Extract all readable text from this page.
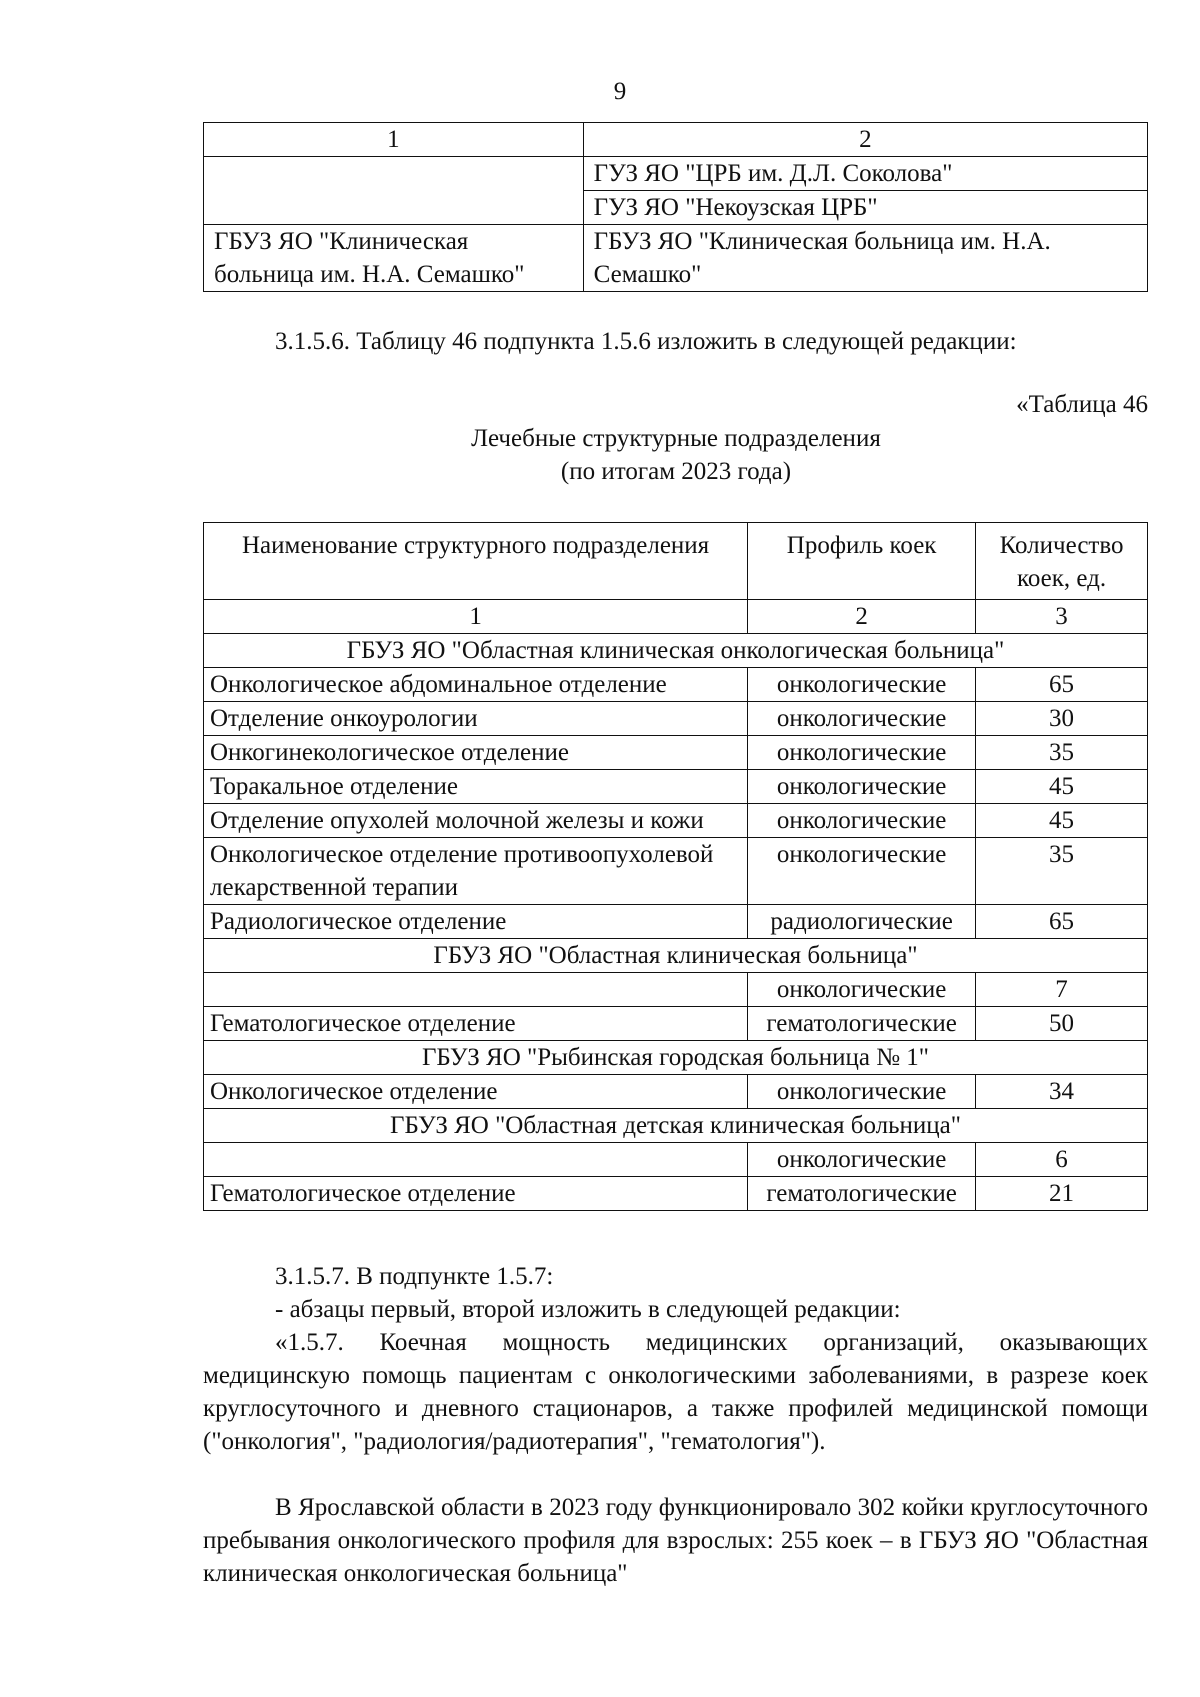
9
1	2
	ГУЗ ЯО "ЦРБ им. Д.Л. Соколова"
	ГУЗ ЯО "Некоузская ЦРБ"
ГБУЗ ЯО "Клиническая больница им. Н.А. Семашко"	ГБУЗ ЯО "Клиническая больница им. Н.А. Семашко"
3.1.5.6. Таблицу 46 подпункта 1.5.6 изложить в следующей редакции:
«Таблица 46
Лечебные структурные подразделения
(по итогам 2023 года)
Наименование структурного подразделения	Профиль коек	Количество коек, ед.
1	2	3
ГБУЗ ЯО "Областная клиническая онкологическая больница"		
Онкологическое абдоминальное отделение	онкологические	65
Отделение онкоурологии	онкологические	30
Онкогинекологическое отделение	онкологические	35
Торакальное отделение	онкологические	45
Отделение опухолей молочной железы и кожи	онкологические	45
Онкологическое отделение противоопухолевой лекарственной терапии	онкологические	35
Радиологическое отделение	радиологические	65
ГБУЗ ЯО "Областная клиническая больница"		
	онкологические	7
Гематологическое отделение	гематологические	50
ГБУЗ ЯО "Рыбинская городская больница № 1"		
Онкологическое отделение	онкологические	34
ГБУЗ ЯО "Областная детская клиническая больница"		
	онкологические	6
Гематологическое отделение	гематологические	21
3.1.5.7. В подпункте 1.5.7:
- абзацы первый, второй изложить в следующей редакции:
«1.5.7. Коечная мощность медицинских организаций, оказывающих медицинскую помощь пациентам с онкологическими заболеваниями, в разрезе коек круглосуточного и дневного стационаров, а также профилей медицинской помощи ("онкология", "радиология/радиотерапия", "гематология").
В Ярославской области в 2023 году функционировало 302 койки круглосуточного пребывания онкологического профиля для взрослых: 255 коек – в ГБУЗ ЯО "Областная клиническая онкологическая больница"
